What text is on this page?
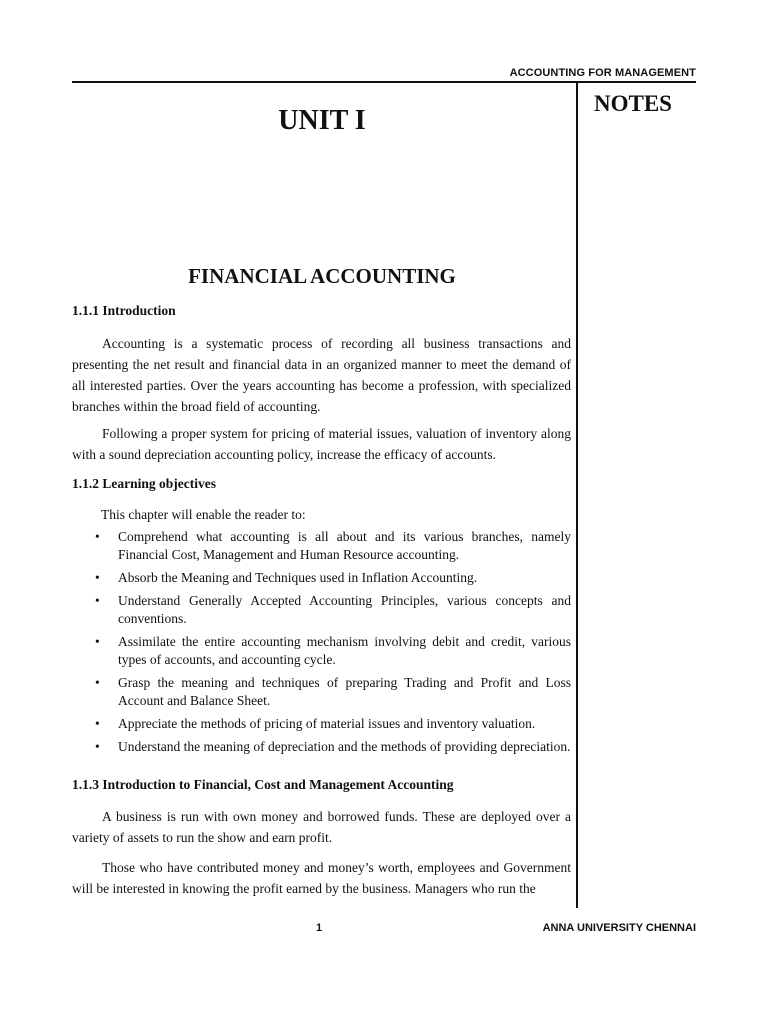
ACCOUNTING FOR MANAGEMENT
NOTES
UNIT I
FINANCIAL ACCOUNTING
1.1.1 Introduction

Accounting is a systematic process of recording all business transactions and presenting the net result and financial data in an organized manner to meet the demand of all interested parties. Over the years accounting has become a profession, with specialized branches within the broad field of accounting.

Following a proper system for pricing of material issues, valuation of inventory along with a sound depreciation accounting policy, increase the efficacy of accounts.

1.1.2 Learning objectives
This chapter will enable the reader to:
• Comprehend what accounting is all about and its various branches, namely Financial Cost, Management and Human Resource accounting.
• Absorb the Meaning and Techniques used in Inflation Accounting.
• Understand Generally Accepted Accounting Principles, various concepts and conventions.
• Assimilate the entire accounting mechanism involving debit and credit, various types of accounts, and accounting cycle.
• Grasp the meaning and techniques of preparing Trading and Profit and Loss Account and Balance Sheet.
• Appreciate the methods of pricing of material issues and inventory valuation.
• Understand the meaning of depreciation and the methods of providing depreciation.
1.1.3 Introduction to Financial, Cost and Management Accounting

A business is run with own money and borrowed funds. These are deployed over a variety of assets to run the show and earn profit.

Those who have contributed money and money’s worth, employees and Government will be interested in knowing the profit earned by the business. Managers who run the

1	ANNA UNIVERSITY CHENNAI
